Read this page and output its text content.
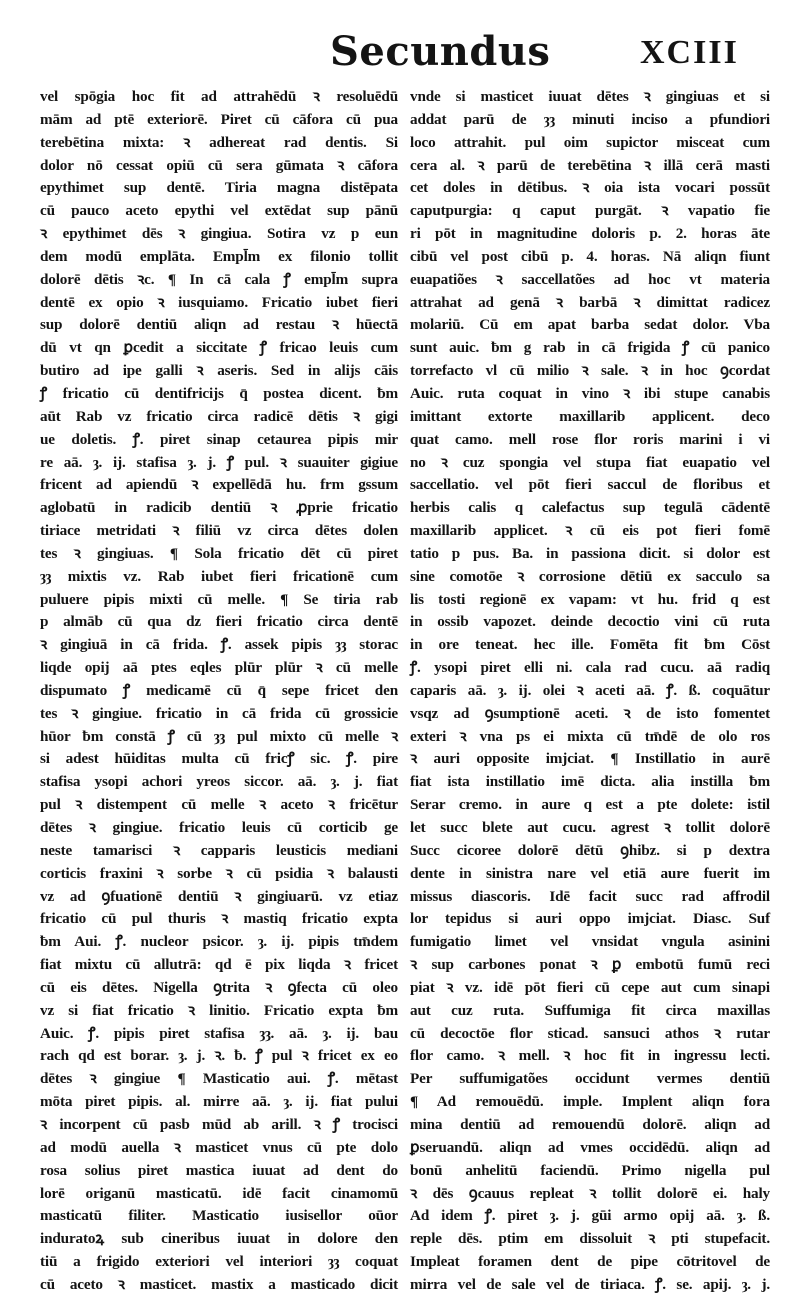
Secundus	XCIII
vel spōgia hoc fit ad attrahēdū ꝛ resoluēdū
mām ad ptē exteriorē. Piret cū cāfora cū pua
terebētina mixta: ꝛ adhereat rad dentis. Si
dolor nō cessat opiū cū sera gūmata ꝛ cāfora
epythimet sup dentē. Tiria magna distēpata
cū pauco aceto epythi vel extēdat sup pānū
ꝛ epythimet dēs ꝛ gingiua. Sotira vz p eun
dem modū emplāta. Empl̄m ex filonio tollit
dolorē dētis ꝛc. ¶ In cā cala ꝭ empl̄m supra
dentē ex opio ꝛ iusquiamo. Fricatio iubet fieri
sup dolorē dentiū aliqn ad restau ꝛ hūectā
dū vt qn ꝑcedit a siccitate ꝭ fricao leuis cum
butiro ad ipe galli ꝛ aseris. Sed in alijs cāis
ꝭ fricatio cū dentifricijs q̄ postea dicent. ƀm
aūt Rab vz fricatio circa radicē dētis ꝛ gigi
ue doletis. ꝭ. piret sinap cetaurea pipis mir
re aā. ȝ. ij. stafisa ȝ. j. ꝭ pul. ꝛ suauiter gigiue
fricent ad apiendū ꝛ expellēdā hu. frm gssum
aglobatū in radicib dentiū ꝛ ꝓprie fricatio
tiriace metridati ꝛ filiū vz circa dētes dolen
tes ꝛ gingiuas. ¶ Sola fricatio dēt cū piret
ȝȝ mixtis vz. Rab iubet fieri fricationē cum
puluere pipis mixti cū melle. ¶ Se tiria rab
p almāb cū qua dz fieri fricatio circa dentē
ꝛ gingiuā in cā frida. ꝭ. assek pipis ȝȝ storac
liqde opij aā ptes eqles plūr plūr ꝛ cū melle
dispumato ꝭ medicamē cū q̄ sepe fricet den
tes ꝛ gingiue. fricatio in cā frida cū grossicie
hūor ƀm constā ꝭ cū ȝȝ pul mixto cū melle ꝛ
si adest hūiditas multa cū fricꝭ sic. ꝭ. pire
stafisa ysopi achori yreos siccor. aā. ȝ. j. fiat
pul ꝛ distempent cū melle ꝛ aceto ꝛ fricētur
dētes ꝛ gingiue. fricatio leuis cū corticib ge
neste tamarisci ꝛ capparis leusticis mediani
corticis fraxini ꝛ sorbe ꝛ cū psidia ꝛ balausti
vz ad ꝯfuationē dentiū ꝛ gingiuarū. vz etiaz
fricatio cū pul thuris ꝛ mastiq fricatio expta
ƀm Aui. ꝭ. nucleor psicor. ȝ. ij. pipis tm̄dem
fiat mixtu cū allutrā: qd ē pix liqda ꝛ fricet
cū eis dētes. Nigella ꝯtrita ꝛ ꝯfecta cū oleo
vz si fiat fricatio ꝛ linitio. Fricatio expta ƀm
Auic. ꝭ. pipis piret stafisa ȝȝ. aā. ȝ. ij. bau
rach qd est borar. ȝ. j. ꝛ. ƀ. ꝭ pul ꝛ fricet ex eo
dētes ꝛ gingiue ¶ Masticatio aui. ꝭ. mētast
mōta piret pipis. al. mirre aā. ȝ. ij. fiat pului
ꝛ incorpent cū pasb mūd ab arill. ꝛ ꝭ trocisci
ad modū auella ꝛ masticet vnus cū pte dolo
rosa solius piret mastica iuuat ad dent do
lorē origanū masticatū. idē facit cinamomū
masticatū filiter. Masticatio iusisellor oūor
induratoꝝ sub cineribus iuuat in dolore den
tiū a frigido exteriori vel interiori ȝȝ coquat
cū aceto ꝛ masticet. mastix a masticado dicit
vnde si masticet iuuat dētes ꝛ gingiuas et si
addat parū de ȝȝ minuti inciso a pfundiori
loco attrahit. pul oim supictor misceat cum
cera al. ꝛ parū de terebētina ꝛ illā cerā masti
cet doles in dētibus. ꝛ oia ista vocari possūt
caputpurgia: q caput purgāt. ꝛ vapatio fie
ri pōt in magnitudine doloris p. 2. horas āte
cibū vel post cibū p. 4. horas. Nā aliqn fiunt
euapatiões ꝛ saccellatões ad hoc vt materia
attrahat ad genā ꝛ barbā ꝛ dimittat radicez
molariū. Cū em apat barba sedat dolor. Vba
sunt auic. ƀm g rab in cā frigida ꝭ cū panico
torrefacto vl cū milio ꝛ sale. ꝛ in hoc ꝯcordat
Auic. ruta coquat in vino ꝛ ibi stupe canabis
imittant extorte maxillarib applicent. deco
quat camo. mell rose flor roris marini i vi
no ꝛ cuz spongia vel stupa fiat euapatio vel
saccellatio. vel pōt fieri saccul de floribus et
herbis calis q calefactus sup tegulā cādentē
maxillarib applicet. ꝛ cū eis pot fieri fomē
tatio p pus. Ba. in passiona dicit. si dolor est
sine comotōe ꝛ corrosione dētiū ex sacculo sa
lis tosti regionē ex vapam: vt hu. frid q est
in ossib vapozet. deinde decoctio vini cū ruta
in ore teneat. hec ille. Fomēta fit ƀm Cōst
ꝭ. ysopi piret elli ni. cala rad cucu. aā radiq
caparis aā. ȝ. ij. olei ꝛ aceti aā. ꝭ. ß. coquātur
vsqz ad ꝯsumptionē aceti. ꝛ de isto fomentet
exteri ꝛ vna ps ei mixta cū tm̄dē de olo ros
ꝛ auri opposite imjciat. ¶ Instillatio in aurē
fiat ista instillatio imē dicta. alia instilla ƀm
Serar cremo. in aure q est a pte dolete: istil
let succ blete aut cucu. agrest ꝛ tollit dolorē
Succ cicoree dolorē dētū ꝯhibz. si p dextra
dente in sinistra nare vel etiā aure fuerit im
missus diascoris. Idē facit succ rad affrodil
lor tepidus si auri oppo imjciat. Diasc. Suf
fumigatio limet vel vnsidat vngula asinini
ꝛ sup carbones ponat ꝛ ꝑ embotū fumū reci
piat ꝛ vz. idē pōt fieri cū cepe aut cum sinapi
aut cuz ruta. Suffumiga fit circa maxillas
cū decoctōe flor sticad. sansuci athos ꝛ rutar
flor camo. ꝛ mell. ꝛ hoc fit in ingressu lecti.
Per suffumigatões occidunt vermes dentiū
¶ Ad remouēdū. imple. Implent aliqn fora
mina dentiū ad remouendū dolorē. aliqn ad
ꝑseruandū. aliqn ad vmes occidēdū. aliqn ad
bonū anhelitū faciendū. Primo nigella pul
ꝛ dēs ꝯcauus repleat ꝛ tollit dolorē ei. haly
Ad idem ꝭ. piret ȝ. j. gūi armo opij aā. ȝ. ß.
reple dēs. ptim em dissoluit ꝛ pti stupefacit.
Impleat foramen dent de pipe cōtritovel de
mirra vel de sale vel de tiriaca. ꝭ. se. apij. ȝ. j.
